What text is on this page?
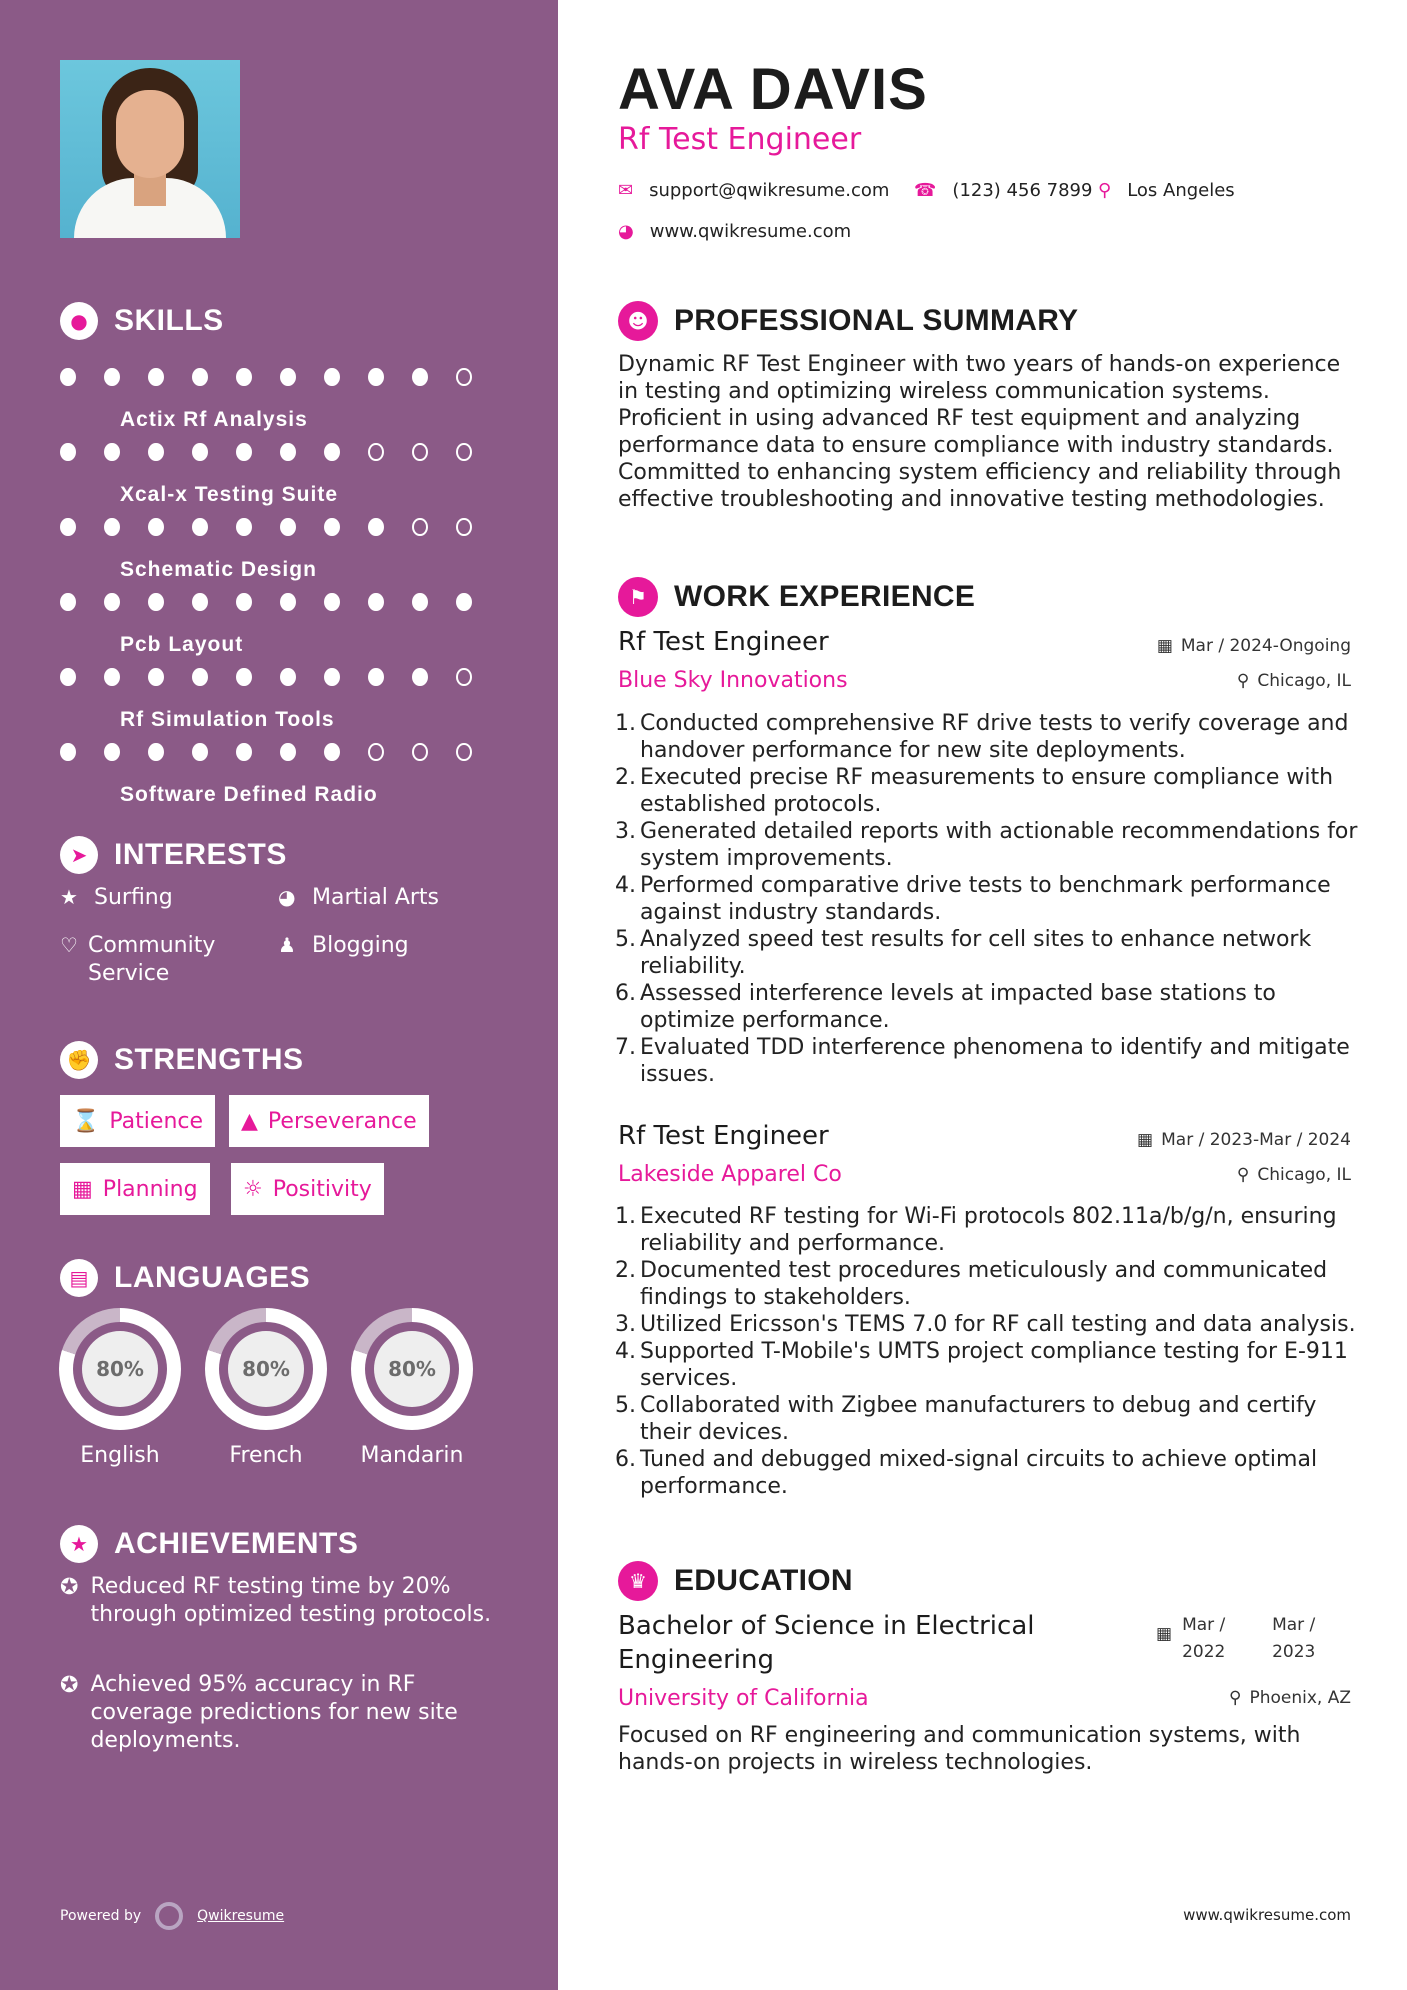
● SKILLS
Actix Rf Analysis
Xcal-x Testing Suite
Schematic Design
Pcb Layout
Rf Simulation Tools
Software Defined Radio
➤ INTERESTS
★ Surfing	◕ Martial Arts
♡ Community Service
♟ Blogging
✊ STRENGTHS
⌛ Patience ▲ Perseverance
▦ Planning ☼ Positivity
▤ LANGUAGES
80%	80%	80%
English	French	Mandarin
★ ACHIEVEMENTS
✪ Reduced RF testing time by 20% through optimized testing protocols.
✪ Achieved 95% accuracy in RF coverage predictions for new site deployments.
Powered by	Qwikresume
AVA DAVIS
Rf Test Engineer
✉ support@qwikresume.com ☎ (123) 456 7899 ⚲ Los Angeles
◕ www.qwikresume.com
☻ PROFESSIONAL SUMMARY
Dynamic RF Test Engineer with two years of hands-on experience in testing and optimizing wireless communication systems. Proficient in using advanced RF test equipment and analyzing performance data to ensure compliance with industry standards. Committed to enhancing system efficiency and reliability through effective troubleshooting and innovative testing methodologies.
⚑ WORK EXPERIENCE
Rf Test Engineer	▦ Mar / 2024-Ongoing
Blue Sky Innovations	⚲ Chicago, IL
1. Conducted comprehensive RF drive tests to verify coverage and handover performance for new site deployments.
2. Executed precise RF measurements to ensure compliance with established protocols.
3. Generated detailed reports with actionable recommendations for system improvements.
4. Performed comparative drive tests to benchmark performance against industry standards.
5. Analyzed speed test results for cell sites to enhance network reliability.
6. Assessed interference levels at impacted base stations to optimize performance.
7. Evaluated TDD interference phenomena to identify and mitigate issues.
Rf Test Engineer	▦ Mar / 2023-Mar / 2024
Lakeside Apparel Co	⚲ Chicago, IL
1. Executed RF testing for Wi-Fi protocols 802.11a/b/g/n, ensuring reliability and performance.
2. Documented test procedures meticulously and communicated findings to stakeholders.
3. Utilized Ericsson's TEMS 7.0 for RF call testing and data analysis.
4. Supported T-Mobile's UMTS project compliance testing for E-911 services.
5. Collaborated with Zigbee manufacturers to debug and certify their devices.
6. Tuned and debugged mixed-signal circuits to achieve optimal performance.
♛ EDUCATION
Bachelor of Science in Electrical Engineering
▦ Mar /
2022
Mar /
2023
University of California	⚲ Phoenix, AZ
Focused on RF engineering and communication systems, with hands-on projects in wireless technologies.
www.qwikresume.com
